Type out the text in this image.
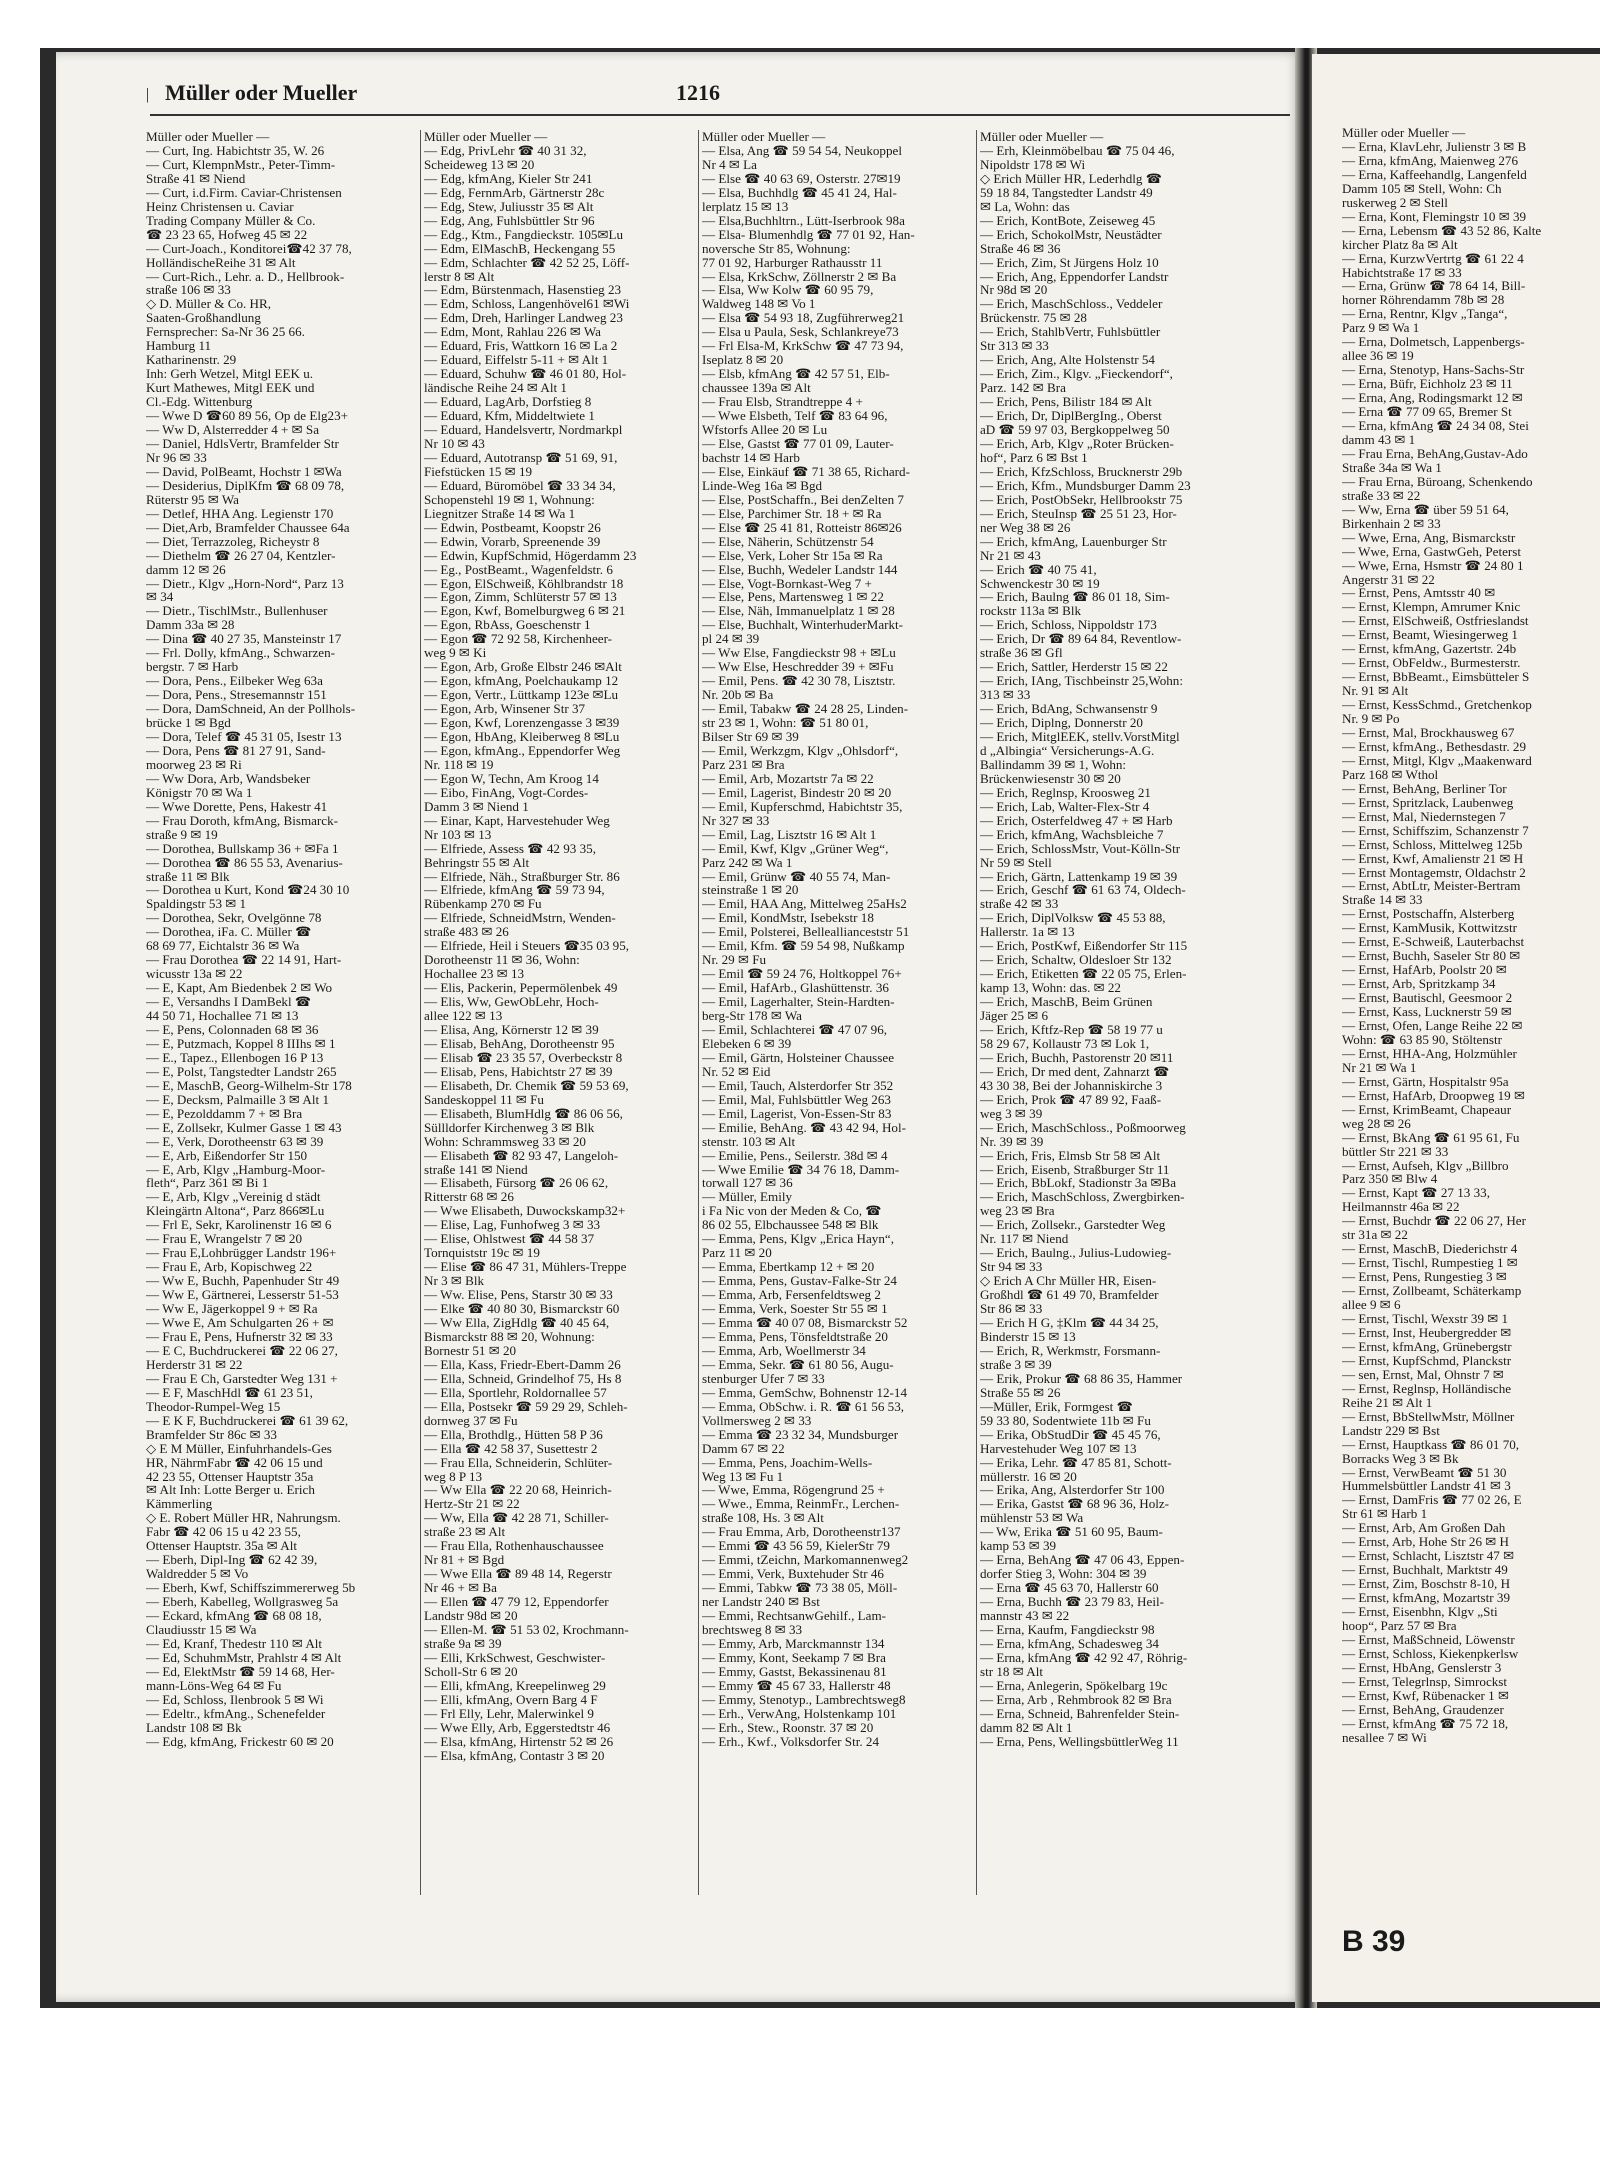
| Müller oder Mueller	1216
Müller oder Mueller —
— Curt, Ing. Habichtstr 35, W. 26
— Curt, KlempnMstr., Peter-Timm-
Straße 41 ✉ Niend
— Curt, i.d.Firm. Caviar-Christensen
Heinz Christensen u. Caviar
Trading Company Müller & Co.
☎ 23 23 65, Hofweg 45 ✉ 22
— Curt-Joach., Konditorei☎42 37 78,
HolländischeReihe 31 ✉ Alt
— Curt-Rich., Lehr. a. D., Hellbrook-
straße 106 ✉ 33
◇ D. Müller & Co. HR,
Saaten-Großhandlung
Fernsprecher: Sa-Nr 36 25 66.
Hamburg 11
Katharinenstr. 29
Inh: Gerh Wetzel, Mitgl EEK u.
Kurt Mathewes, Mitgl EEK und
Cl.-Edg. Wittenburg
— Wwe D ☎60 89 56, Op de Elg23+
— Ww D, Alsterredder 4 + ✉ Sa
— Daniel, HdlsVertr, Bramfelder Str
Nr 96 ✉ 33
— David, PolBeamt, Hochstr 1 ✉Wa
— Desiderius, DiplKfm ☎ 68 09 78,
Rüterstr 95 ✉ Wa
— Detlef, HHA Ang. Legienstr 170
— Diet,Arb, Bramfelder Chaussee 64a
— Diet, Terrazzoleg, Richeystr 8
— Diethelm ☎ 26 27 04, Kentzler-
damm 12 ✉ 26
— Dietr., Klgv „Horn-Nord“, Parz 13
✉ 34
— Dietr., TischlMstr., Bullenhuser
Damm 33a ✉ 28
— Dina ☎ 40 27 35, Mansteinstr 17
— Frl. Dolly, kfmAng., Schwarzen-
bergstr. 7 ✉ Harb
— Dora, Pens., Eilbeker Weg 63a
— Dora, Pens., Stresemannstr 151
— Dora, DamSchneid, An der Pollhols-
brücke 1 ✉ Bgd
— Dora, Telef ☎ 45 31 05, Isestr 13
— Dora, Pens ☎ 81 27 91, Sand-
moorweg 23 ✉ Ri
— Ww Dora, Arb, Wandsbeker
Königstr 70 ✉ Wa 1
— Wwe Dorette, Pens, Hakestr 41
— Frau Doroth, kfmAng, Bismarck-
straße 9 ✉ 19
— Dorothea, Bullskamp 36 + ✉Fa 1
— Dorothea ☎ 86 55 53, Avenarius-
straße 11 ✉ Blk
— Dorothea u Kurt, Kond ☎24 30 10
Spaldingstr 53 ✉ 1
— Dorothea, Sekr, Ovelgönne 78
— Dorothea, iFa. C. Müller ☎
68 69 77, Eichtalstr 36 ✉ Wa
— Frau Dorothea ☎ 22 14 91, Hart-
wicusstr 13a ✉ 22
— E, Kapt, Am Biedenbek 2 ✉ Wo
— E, Versandhs I DamBekl ☎
44 50 71, Hochallee 71 ✉ 13
— E, Pens, Colonnaden 68 ✉ 36
— E, Putzmach, Koppel 8 IIIhs ✉ 1
— E., Tapez., Ellenbogen 16 P 13
— E, Polst, Tangstedter Landstr 265
— E, MaschB, Georg-Wilhelm-Str 178
— E, Decksm, Palmaille 3 ✉ Alt 1
— E, Pezolddamm 7 + ✉ Bra
— E, Zollsekr, Kulmer Gasse 1 ✉ 43
— E, Verk, Dorotheenstr 63 ✉ 39
— E, Arb, Eißendorfer Str 150
— E, Arb, Klgv „Hamburg-Moor-
fleth“, Parz 361 ✉ Bi 1
— E, Arb, Klgv „Vereinig d städt
Kleingärtn Altona“, Parz 866✉Lu
— Frl E, Sekr, Karolinenstr 16 ✉ 6
— Frau E, Wrangelstr 7 ✉ 20
— Frau E,Lohbrügger Landstr 196+
— Frau E, Arb, Kopischweg 22
— Ww E, Buchh, Papenhuder Str 49
— Ww E, Gärtnerei, Lesserstr 51-53
— Ww E, Jägerkoppel 9 + ✉ Ra
— Wwe E, Am Schulgarten 26 + ✉
— Frau E, Pens, Hufnerstr 32 ✉ 33
— E C, Buchdruckerei ☎ 22 06 27,
Herderstr 31 ✉ 22
— Frau E Ch, Garstedter Weg 131 +
— E F, MaschHdl ☎ 61 23 51,
Theodor-Rumpel-Weg 15
— E K F, Buchdruckerei ☎ 61 39 62,
Bramfelder Str 86c ✉ 33
◇ E M Müller, Einfuhrhandels-Ges
HR, NährmFabr ☎ 42 06 15 und
42 23 55, Ottenser Hauptstr 35a
✉ Alt Inh: Lotte Berger u. Erich
Kämmerling
◇ E. Robert Müller HR, Nahrungsm.
Fabr ☎ 42 06 15 u 42 23 55,
Ottenser Hauptstr. 35a ✉ Alt
— Eberh, Dipl-Ing ☎ 62 42 39,
Waldredder 5 ✉ Vo
— Eberh, Kwf, Schiffszimmererweg 5b
— Eberh, Kabelleg, Wollgrasweg 5a
— Eckard, kfmAng ☎ 68 08 18,
Claudiusstr 15 ✉ Wa
— Ed, Kranf, Thedestr 110 ✉ Alt
— Ed, SchuhmMstr, Prahlstr 4 ✉ Alt
— Ed, ElektMstr ☎ 59 14 68, Her-
mann-Löns-Weg 64 ✉ Fu
— Ed, Schloss, Ilenbrook 5 ✉ Wi
— Edeltr., kfmAng., Schenefelder
Landstr 108 ✉ Bk
— Edg, kfmAng, Frickestr 60 ✉ 20
Müller oder Mueller —
— Edg, PrivLehr ☎ 40 31 32,
Scheideweg 13 ✉ 20
— Edg, kfmAng, Kieler Str 241
— Edg, FernmArb, Gärtnerstr 28c
— Edg, Stew, Juliusstr 35 ✉ Alt
— Edg, Ang, Fuhlsbüttler Str 96
— Edg., Ktm., Fangdieckstr. 105✉Lu
— Edm, ElMaschB, Heckengang 55
— Edm, Schlachter ☎ 42 52 25, Löff-
lerstr 8 ✉ Alt
— Edm, Bürstenmach, Hasenstieg 23
— Edm, Schloss, Langenhövel61 ✉Wi
— Edm, Dreh, Harlinger Landweg 23
— Edm, Mont, Rahlau 226 ✉ Wa
— Eduard, Fris, Wattkorn 16 ✉ La 2
— Eduard, Eiffelstr 5-11 + ✉ Alt 1
— Eduard, Schuhw ☎ 46 01 80, Hol-
ländische Reihe 24 ✉ Alt 1
— Eduard, LagArb, Dorfstieg 8
— Eduard, Kfm, Middeltwiete 1
— Eduard, Handelsvertr, Nordmarkpl
Nr 10 ✉ 43
— Eduard, Autotransp ☎ 51 69, 91,
Fiefstücken 15 ✉ 19
— Eduard, Büromöbel ☎ 33 34 34,
Schopenstehl 19 ✉ 1, Wohnung:
Liegnitzer Straße 14 ✉ Wa 1
— Edwin, Postbeamt, Koopstr 26
— Edwin, Vorarb, Spreenende 39
— Edwin, KupfSchmid, Högerdamm 23
— Eg., PostBeamt., Wagenfeldstr. 6
— Egon, ElSchweiß, Köhlbrandstr 18
— Egon, Zimm, Schlüterstr 57 ✉ 13
— Egon, Kwf, Bomelburgweg 6 ✉ 21
— Egon, RbAss, Goeschenstr 1
— Egon ☎ 72 92 58, Kirchenheer-
weg 9 ✉ Ki
— Egon, Arb, Große Elbstr 246 ✉Alt
— Egon, kfmAng, Poelchaukamp 12
— Egon, Vertr., Lüttkamp 123e ✉Lu
— Egon, Arb, Winsener Str 37
— Egon, Kwf, Lorenzengasse 3 ✉39
— Egon, HbAng, Kleiberweg 8 ✉Lu
— Egon, kfmAng., Eppendorfer Weg
Nr. 118 ✉ 19
— Egon W, Techn, Am Kroog 14
— Eibo, FinAng, Vogt-Cordes-
Damm 3 ✉ Niend 1
— Einar, Kapt, Harvestehuder Weg
Nr 103 ✉ 13
— Elfriede, Assess ☎ 42 93 35,
Behringstr 55 ✉ Alt
— Elfriede, Näh., Straßburger Str. 86
— Elfriede, kfmAng ☎ 59 73 94,
Rübenkamp 270 ✉ Fu
— Elfriede, SchneidMstrn, Wenden-
straße 483 ✉ 26
— Elfriede, Heil i Steuers ☎35 03 95,
Dorotheenstr 11 ✉ 36, Wohn:
Hochallee 23 ✉ 13
— Elis, Packerin, Pepermölenbek 49
— Elis, Ww, GewObLehr, Hoch-
allee 122 ✉ 13
— Elisa, Ang, Körnerstr 12 ✉ 39
— Elisab, BehAng, Dorotheenstr 95
— Elisab ☎ 23 35 57, Overbeckstr 8
— Elisab, Pens, Habichtstr 27 ✉ 39
— Elisabeth, Dr. Chemik ☎ 59 53 69,
Sandeskoppel 11 ✉ Fu
— Elisabeth, BlumHdlg ☎ 86 06 56,
Süllldorfer Kirchenweg 3 ✉ Blk
Wohn: Schrammsweg 33 ✉ 20
— Elisabeth ☎ 82 93 47, Langeloh-
straße 141 ✉ Niend
— Elisabeth, Fürsorg ☎ 26 06 62,
Ritterstr 68 ✉ 26
— Wwe Elisabeth, Duwockskamp32+
— Elise, Lag, Funhofweg 3 ✉ 33
— Elise, Ohlstwest ☎ 44 58 37
Tornquiststr 19c ✉ 19
— Elise ☎ 86 47 31, Mühlers-Treppe
Nr 3 ✉ Blk
— Ww. Elise, Pens, Starstr 30 ✉ 33
— Elke ☎ 40 80 30, Bismarckstr 60
— Ww Ella, ZigHdlg ☎ 40 45 64,
Bismarckstr 88 ✉ 20, Wohnung:
Bornestr 51 ✉ 20
— Ella, Kass, Friedr-Ebert-Damm 26
— Ella, Schneid, Grindelhof 75, Hs 8
— Ella, Sportlehr, Roldornallee 57
— Ella, Postsekr ☎ 59 29 29, Schleh-
dornweg 37 ✉ Fu
— Ella, Brothdlg., Hütten 58 P 36
— Ella ☎ 42 58 37, Susettestr 2
— Frau Ella, Schneiderin, Schlüter-
weg 8 P 13
— Ww Ella ☎ 22 20 68, Heinrich-
Hertz-Str 21 ✉ 22
— Ww, Ella ☎ 42 28 71, Schiller-
straße 23 ✉ Alt
— Frau Ella, Rothenhauschaussee
Nr 81 + ✉ Bgd
— Wwe Ella ☎ 89 48 14, Regerstr
Nr 46 + ✉ Ba
— Ellen ☎ 47 79 12, Eppendorfer
Landstr 98d ✉ 20
— Ellen-M. ☎ 51 53 02, Krochmann-
straße 9a ✉ 39
— Elli, KrkSchwest, Geschwister-
Scholl-Str 6 ✉ 20
— Elli, kfmAng, Kreepelinweg 29
— Elli, kfmAng, Overn Barg 4 F
— Frl Elly, Lehr, Malerwinkel 9
— Wwe Elly, Arb, Eggerstedtstr 46
— Elsa, kfmAng, Hirtenstr 52 ✉ 26
— Elsa, kfmAng, Contastr 3 ✉ 20
Müller oder Mueller —
— Elsa, Ang ☎ 59 54 54, Neukoppel
Nr 4 ✉ La
— Else ☎ 40 63 69, Osterstr. 27✉19
— Elsa, Buchhdlg ☎ 45 41 24, Hal-
lerplatz 15 ✉ 13
— Elsa,Buchhltrn., Lütt-Iserbrook 98a
— Elsa- Blumenhdlg ☎ 77 01 92, Han-
noversche Str 85, Wohnung:
77 01 92, Harburger Rathausstr 11
— Elsa, KrkSchw, Zöllnerstr 2 ✉ Ba
— Elsa, Ww Kolw ☎ 60 95 79,
Waldweg 148 ✉ Vo 1
— Elsa ☎ 54 93 18, Zugführerweg21
— Elsa u Paula, Sesk, Schlankreye73
— Frl Elsa-M, KrkSchw ☎ 47 73 94,
Iseplatz 8 ✉ 20
— Elsb, kfmAng ☎ 42 57 51, Elb-
chaussee 139a ✉ Alt
— Frau Elsb, Strandtreppe 4 +
— Wwe Elsbeth, Telf ☎ 83 64 96,
Wfstorfs Allee 20 ✉ Lu
— Else, Gastst ☎ 77 01 09, Lauter-
bachstr 14 ✉ Harb
— Else, Einkäuf ☎ 71 38 65, Richard-
Linde-Weg 16a ✉ Bgd
— Else, PostSchaffn., Bei denZelten 7
— Else, Parchimer Str. 18 + ✉ Ra
— Else ☎ 25 41 81, Rotteistr 86✉26
— Else, Näherin, Schützenstr 54
— Else, Verk, Loher Str 15a ✉ Ra
— Else, Buchh, Wedeler Landstr 144
— Else, Vogt-Bornkast-Weg 7 +
— Else, Pens, Martensweg 1 ✉ 22
— Else, Näh, Immanuelplatz 1 ✉ 28
— Else, Buchhalt, WinterhuderMarkt-
pl 24 ✉ 39
— Ww Else, Fangdieckstr 98 + ✉Lu
— Ww Else, Heschredder 39 + ✉Fu
— Emil, Pens. ☎ 42 30 78, Lisztstr.
Nr. 20b ✉ Ba
— Emil, Tabakw ☎ 24 28 25, Linden-
str 23 ✉ 1, Wohn: ☎ 51 80 01,
Bilser Str 69 ✉ 39
— Emil, Werkzgm, Klgv „Ohlsdorf“,
Parz 231 ✉ Bra
— Emil, Arb, Mozartstr 7a ✉ 22
— Emil, Lagerist, Bindestr 20 ✉ 20
— Emil, Kupferschmd, Habichtstr 35,
Nr 327 ✉ 33
— Emil, Lag, Lisztstr 16 ✉ Alt 1
— Emil, Kwf, Klgv „Grüner Weg“,
Parz 242 ✉ Wa 1
— Emil, Grünw ☎ 40 55 74, Man-
steinstraße 1 ✉ 20
— Emil, HAA Ang, Mittelweg 25aHs2
— Emil, KondMstr, Isebekstr 18
— Emil, Polsterei, Belleallianceststr 51
— Emil, Kfm. ☎ 59 54 98, Nußkamp
Nr. 29 ✉ Fu
— Emil ☎ 59 24 76, Holtkoppel 76+
— Emil, HafArb., Glashüttenstr. 36
— Emil, Lagerhalter, Stein-Hardten-
berg-Str 178 ✉ Wa
— Emil, Schlachterei ☎ 47 07 96,
Elebeken 6 ✉ 39
— Emil, Gärtn, Holsteiner Chaussee
Nr. 52 ✉ Eid
— Emil, Tauch, Alsterdorfer Str 352
— Emil, Mal, Fuhlsbüttler Weg 263
— Emil, Lagerist, Von-Essen-Str 83
— Emilie, BehAng. ☎ 43 42 94, Hol-
stenstr. 103 ✉ Alt
— Emilie, Pens., Seilerstr. 38d ✉ 4
— Wwe Emilie ☎ 34 76 18, Damm-
torwall 127 ✉ 36
— Müller, Emily
i Fa Nic von der Meden & Co, ☎
86 02 55, Elbchaussee 548 ✉ Blk
— Emma, Pens, Klgv „Erica Hayn“,
Parz 11 ✉ 20
— Emma, Ebertkamp 12 + ✉ 20
— Emma, Pens, Gustav-Falke-Str 24
— Emma, Arb, Fersenfeldtsweg 2
— Emma, Verk, Soester Str 55 ✉ 1
— Emma ☎ 40 07 08, Bismarckstr 52
— Emma, Pens, Tönsfeldtstraße 20
— Emma, Arb, Woellmerstr 34
— Emma, Sekr. ☎ 61 80 56, Augu-
stenburger Ufer 7 ✉ 33
— Emma, GemSchw, Bohnenstr 12-14
— Emma, ObSchw. i. R. ☎ 61 56 53,
Vollmersweg 2 ✉ 33
— Emma ☎ 23 32 34, Mundsburger
Damm 67 ✉ 22
— Emma, Pens, Joachim-Wells-
Weg 13 ✉ Fu 1
— Wwe, Emma, Rögengrund 25 +
— Wwe., Emma, ReinmFr., Lerchen-
straße 108, Hs. 3 ✉ Alt
— Frau Emma, Arb, Dorotheenstr137
— Emmi ☎ 43 56 59, KielerStr 79
— Emmi, tZeichn, Markomannenweg2
— Emmi, Verk, Buxtehuder Str 46
— Emmi, Tabkw ☎ 73 38 05, Möll-
ner Landstr 240 ✉ Bst
— Emmi, RechtsanwGehilf., Lam-
brechtsweg 8 ✉ 33
— Emmy, Arb, Marckmannstr 134
— Emmy, Kont, Seekamp 7 ✉ Bra
— Emmy, Gastst, Bekassinenau 81
— Emmy ☎ 45 67 33, Hallerstr 48
— Emmy, Stenotyp., Lambrechtsweg8
— Erh., VerwAng, Holstenkamp 101
— Erh., Stew., Roonstr. 37 ✉ 20
— Erh., Kwf., Volksdorfer Str. 24
Müller oder Mueller —
— Erh, Kleinmöbelbau ☎ 75 04 46,
Nipoldstr 178 ✉ Wi
◇ Erich Müller HR, Lederhdlg ☎
59 18 84, Tangstedter Landstr 49
✉ La, Wohn: das
— Erich, KontBote, Zeiseweg 45
— Erich, SchokolMstr, Neustädter
Straße 46 ✉ 36
— Erich, Zim, St Jürgens Holz 10
— Erich, Ang, Eppendorfer Landstr
Nr 98d ✉ 20
— Erich, MaschSchloss., Veddeler
Brückenstr. 75 ✉ 28
— Erich, StahlbVertr, Fuhlsbüttler
Str 313 ✉ 33
— Erich, Ang, Alte Holstenstr 54
— Erich, Zim., Klgv. „Fieckendorf“,
Parz. 142 ✉ Bra
— Erich, Pens, Bilistr 184 ✉ Alt
— Erich, Dr, DiplBergIng., Oberst
aD ☎ 59 97 03, Bergkoppelweg 50
— Erich, Arb, Klgv „Roter Brücken-
hof“, Parz 6 ✉ Bst 1
— Erich, KfzSchloss, Brucknerstr 29b
— Erich, Kfm., Mundsburger Damm 23
— Erich, PostObSekr, Hellbrookstr 75
— Erich, SteuInsp ☎ 25 51 23, Hor-
ner Weg 38 ✉ 26
— Erich, kfmAng, Lauenburger Str
Nr 21 ✉ 43
— Erich ☎ 40 75 41,
Schwenckestr 30 ✉ 19
— Erich, Baulng ☎ 86 01 18, Sim-
rockstr 113a ✉ Blk
— Erich, Schloss, Nippoldstr 173
— Erich, Dr ☎ 89 64 84, Reventlow-
straße 36 ✉ Gfl
— Erich, Sattler, Herderstr 15 ✉ 22
— Erich, IAng, Tischbeinstr 25,Wohn:
313 ✉ 33
— Erich, BdAng, Schwansenstr 9
— Erich, Diplng, Donnerstr 20
— Erich, MitglEEK, stellv.VorstMitgl
d „Albingia“ Versicherungs-A.G.
Ballindamm 39 ✉ 1, Wohn:
Brückenwiesenstr 30 ✉ 20
— Erich, Reglnsp, Kroosweg 21
— Erich, Lab, Walter-Flex-Str 4
— Erich, Osterfeldweg 47 + ✉ Harb
— Erich, kfmAng, Wachsbleiche 7
— Erich, SchlossMstr, Vout-Kölln-Str
Nr 59 ✉ Stell
— Erich, Gärtn, Lattenkamp 19 ✉ 39
— Erich, Geschf ☎ 61 63 74, Oldech-
straße 42 ✉ 33
— Erich, DiplVolksw ☎ 45 53 88,
Hallerstr. 1a ✉ 13
— Erich, PostKwf, Eißendorfer Str 115
— Erich, Schaltw, Oldesloer Str 132
— Erich, Etiketten ☎ 22 05 75, Erlen-
kamp 13, Wohn: das. ✉ 22
— Erich, MaschB, Beim Grünen
Jäger 25 ✉ 6
— Erich, Kftfz-Rep ☎ 58 19 77 u
58 29 67, Kollaustr 73 ✉ Lok 1,
— Erich, Buchh, Pastorenstr 20 ✉11
— Erich, Dr med dent, Zahnarzt ☎
43 30 38, Bei der Johanniskirche 3
— Erich, Prok ☎ 47 89 92, Faaß-
weg 3 ✉ 39
— Erich, MaschSchloss., Poßmoorweg
Nr. 39 ✉ 39
— Erich, Fris, Elmsb Str 58 ✉ Alt
— Erich, Eisenb, Straßburger Str 11
— Erich, BbLokf, Stadionstr 3a ✉Ba
— Erich, MaschSchloss, Zwergbirken-
weg 23 ✉ Bra
— Erich, Zollsekr., Garstedter Weg
Nr. 117 ✉ Niend
— Erich, Baulng., Julius-Ludowieg-
Str 94 ✉ 33
◇ Erich A Chr Müller HR, Eisen-
Großhdl ☎ 61 49 70, Bramfelder
Str 86 ✉ 33
— Erich H G, ‡Klm ☎ 44 34 25,
Binderstr 15 ✉ 13
— Erich, R, Werkmstr, Forsmann-
straße 3 ✉ 39
— Erik, Prokur ☎ 68 86 35, Hammer
Straße 55 ✉ 26
—Müller, Erik, Formgest ☎
59 33 80, Sodentwiete 11b ✉ Fu
— Erika, ObStudDir ☎ 45 45 76,
Harvestehuder Weg 107 ✉ 13
— Erika, Lehr. ☎ 47 85 81, Schott-
müllerstr. 16 ✉ 20
— Erika, Ang, Alsterdorfer Str 100
— Erika, Gastst ☎ 68 96 36, Holz-
mühlenstr 53 ✉ Wa
— Ww, Erika ☎ 51 60 95, Baum-
kamp 53 ✉ 39
— Erna, BehAng ☎ 47 06 43, Eppen-
dorfer Stieg 3, Wohn: 304 ✉ 39
— Erna ☎ 45 63 70, Hallerstr 60
— Erna, Buchh ☎ 23 79 83, Heil-
mannstr 43 ✉ 22
— Erna, Kaufm, Fangdieckstr 98
— Erna, kfmAng, Schadesweg 34
— Erna, kfmAng ☎ 42 92 47, Röhrig-
str 18 ✉ Alt
— Erna, Anlegerin, Spökelbarg 19c
— Erna, Arb , Rehmbrook 82 ✉ Bra
— Erna, Schneid, Bahrenfelder Stein-
damm 82 ✉ Alt 1
— Erna, Pens, WellingsbüttlerWeg 11
Müller oder Mueller —
— Erna, KlavLehr, Julienstr 3 ✉ B
— Erna, kfmAng, Maienweg 276
— Erna, Kaffeehandlg, Langenfeld
Damm 105 ✉ Stell, Wohn: Ch
ruskerweg 2 ✉ Stell
— Erna, Kont, Flemingstr 10 ✉ 39
— Erna, Lebensm ☎ 43 52 86, Kalte
kircher Platz 8a ✉ Alt
— Erna, KurzwVertrtg ☎ 61 22 4
Habichtstraße 17 ✉ 33
— Erna, Grünw ☎ 78 64 14, Bill-
horner Röhrendamm 78b ✉ 28
— Erna, Rentnr, Klgv „Tanga“,
Parz 9 ✉ Wa 1
— Erna, Dolmetsch, Lappenbergs-
allee 36 ✉ 19
— Erna, Stenotyp, Hans-Sachs-Str
— Erna, Büfr, Eichholz 23 ✉ 11
— Erna, Ang, Rodingsmarkt 12 ✉
— Erna ☎ 77 09 65, Bremer St
— Erna, kfmAng ☎ 24 34 08, Stei
damm 43 ✉ 1
— Frau Erna, BehAng,Gustav-Ado
Straße 34a ✉ Wa 1
— Frau Erna, Büroang, Schenkendo
straße 33 ✉ 22
— Ww, Erna ☎ über 59 51 64,
Birkenhain 2 ✉ 33
— Wwe, Erna, Ang, Bismarckstr
— Wwe, Erna, GastwGeh, Peterst
— Wwe, Erna, Hsmstr ☎ 24 80 1
Angerstr 31 ✉ 22
— Ernst, Pens, Amtsstr 40 ✉
— Ernst, Klempn, Amrumer Knic
— Ernst, ElSchweiß, Ostfrieslandst
— Ernst, Beamt, Wiesingerweg 1
— Ernst, kfmAng, Gazertstr. 24b
— Ernst, ObFeldw., Burmesterstr.
— Ernst, BbBeamt., Eimsbütteler S
Nr. 91 ✉ Alt
— Ernst, KessSchmd., Gretchenkop
Nr. 9 ✉ Po
— Ernst, Mal, Brockhausweg 67
— Ernst, kfmAng., Bethesdastr. 29
— Ernst, Mitgl, Klgv „Maakenward
Parz 168 ✉ Wthol
— Ernst, BehAng, Berliner Tor
— Ernst, Spritzlack, Laubenweg
— Ernst, Mal, Niedernstegen 7
— Ernst, Schiffszim, Schanzenstr 7
— Ernst, Schloss, Mittelweg 125b
— Ernst, Kwf, Amalienstr 21 ✉ H
— Ernst Montagemstr, Oldachstr 2
— Ernst, AbtLtr, Meister-Bertram
Straße 14 ✉ 33
— Ernst, Postschaffn, Alsterberg
— Ernst, KamMusik, Kottwitzstr
— Ernst, E-Schweiß, Lauterbachst
— Ernst, Buchh, Saseler Str 80 ✉
— Ernst, HafArb, Poolstr 20 ✉
— Ernst, Arb, Spritzkamp 34
— Ernst, Bautischl, Geesmoor 2
— Ernst, Kass, Lucknerstr 59 ✉
— Ernst, Ofen, Lange Reihe 22 ✉
Wohn: ☎ 63 85 90, Stöltenstr
— Ernst, HHA-Ang, Holzmühler
Nr 21 ✉ Wa 1
— Ernst, Gärtn, Hospitalstr 95a
— Ernst, HafArb, Droopweg 19 ✉
— Ernst, KrimBeamt, Chapeaur
weg 28 ✉ 26
— Ernst, BkAng ☎ 61 95 61, Fu
büttler Str 221 ✉ 33
— Ernst, Aufseh, Klgv „Billbro
Parz 350 ✉ Blw 4
— Ernst, Kapt ☎ 27 13 33,
Heilmannstr 46a ✉ 22
— Ernst, Buchdr ☎ 22 06 27, Her
str 31a ✉ 22
— Ernst, MaschB, Diederichstr 4
— Ernst, Tischl, Rumpestieg 1 ✉
— Ernst, Pens, Rungestieg 3 ✉
— Ernst, Zollbeamt, Schäterkamp
allee 9 ✉ 6
— Ernst, Tischl, Wexstr 39 ✉ 1
— Ernst, Inst, Heubergredder ✉
— Ernst, kfmAng, Grünebergstr
— Ernst, KupfSchmd, Planckstr
— sen, Ernst, Mal, Ohnstr 7 ✉
— Ernst, Reglnsp, Holländische
Reihe 21 ✉ Alt 1
— Ernst, BbStellwMstr, Möllner
Landstr 229 ✉ Bst
— Ernst, Hauptkass ☎ 86 01 70,
Borracks Weg 3 ✉ Bk
— Ernst, VerwBeamt ☎ 51 30
Hummelsbüttler Landstr 41 ✉ 3
— Ernst, DamFris ☎ 77 02 26, E
Str 61 ✉ Harb 1
— Ernst, Arb, Am Großen Dah
— Ernst, Arb, Hohe Str 26 ✉ H
— Ernst, Schlacht, Lisztstr 47 ✉
— Ernst, Buchhalt, Marktstr 49
— Ernst, Zim, Boschstr 8-10, H
— Ernst, kfmAng, Mozartstr 39
— Ernst, Eisenbhn, Klgv „Sti
hoop“, Parz 57 ✉ Bra
— Ernst, MaßSchneid, Löwenstr
— Ernst, Schloss, Kiekenpkerlsw
— Ernst, HbAng, Genslerstr 3
— Ernst, Telegrlnsp, Simrockst
— Ernst, Kwf, Rübenacker 1 ✉
— Ernst, BehAng, Graudenzer
— Ernst, kfmAng ☎ 75 72 18,
nesallee 7 ✉ Wi
B 39
